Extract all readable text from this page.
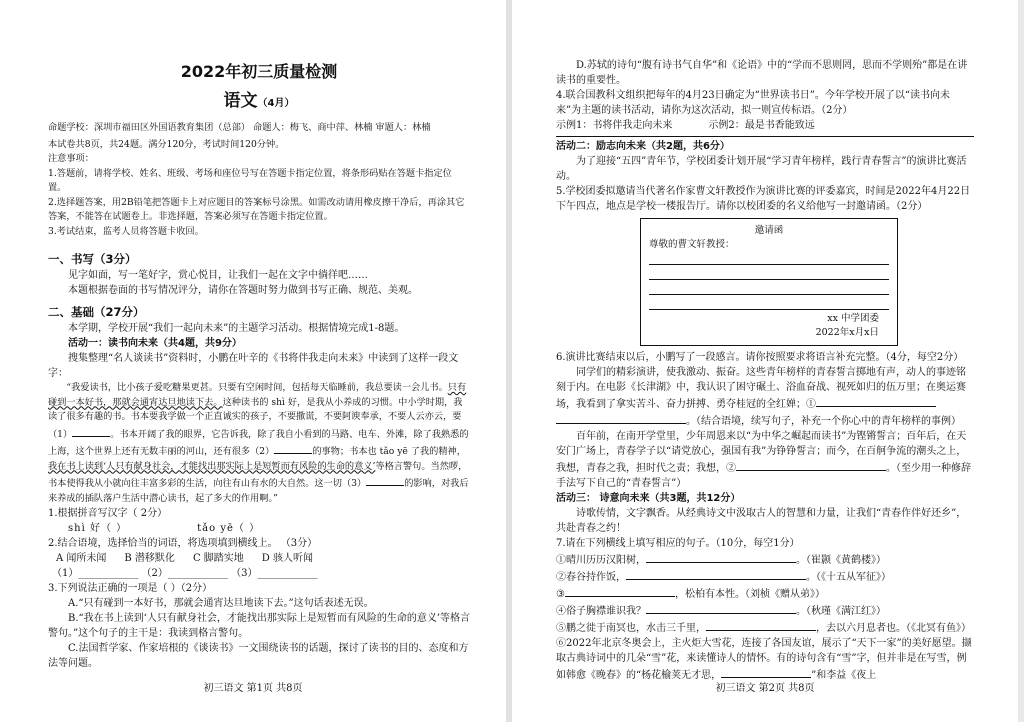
2022年初三质量检测
语文（4月）

命题学校：深圳市福田区外国语教育集团（总部） 命题人：梅飞、商中萍、林楠 审题人：林楠

本试卷共8页，共24题。满分120分，考试时间120分钟。

注意事项：

1.答题前，请将学校、姓名、班级、考场和座位号写在答题卡指定位置，将条形码贴在答题卡指定位置。

2.选择题答案，用2B铅笔把答题卡上对应题目的答案标号涂黑。如需改动请用橡皮擦干净后，再涂其它答案，不能答在试题卷上。非选择题，答案必须写在答题卡指定位置。

3.考试结束，监考人员将答题卡收回。

一、书写（3分）

见字如面，写一笔好字，赏心悦目，让我们一起在文字中徜徉吧……

本题根据卷面的书写情况评分，请你在答题时努力做到书写正确、规范、美观。

二、基础（27分）

本学期，学校开展“我们一起向未来”的主题学习活动。根据情境完成1-8题。

活动一：读书向未来（共4题，共9分）

搜集整理“名人谈读书”资料时，小鹏在叶辛的《书将伴我走向未来》中读到了这样一段文字：

“我爱读书，比小孩子爱吃糖果更甚。只要有空闲时间，包括每天临睡前，我总要读一会儿书。只有碰到一本好书，那就会通宵达旦地读下去。这种读书的 shì 好，是我从小养成的习惯。中小学时期，我读了很多有趣的书。书本要我学做一个正直诚实的孩子，不要撒谎，不要阿谀奉承，不要人云亦云，要（1）	。书本开阔了我的眼界，它告诉我，除了我自小看到的马路、电车、外滩，除了我熟悉的上海，这个世界上还有无数丰丽的河山，还有很多（2）	的事物；书本也 tǎo yē 了我的精神，我在书上读到‘人只有献身社会，才能找出那实际上是短暂而有风险的生命的意义’等格言警句。当然啰，书本使得我从小就向往丰富多彩的生活，向往有山有水的大自然。这一切（3）	的影响，对我后来养成的插队落户生活中潜心读书，起了多大的作用啊。”

1.根据拼音写汉字（ 2分）

shì 好（ ）	tǎo yē（ ）

2.结合语境，选择恰当的词语，将选项填到横线上。 （3分）

A 闻所未闻 B 潜移默化 C 脚踏实地 D 骇人听闻

（1）____________ （2）____________ （3）____________

3.下列说法正确的一项是（ ）（2分）

A.“只有碰到一本好书，那就会通宵达旦地读下去。”这句话表述无误。

B.“我在书上读到‘人只有献身社会，才能找出那实际上是短暂而有风险的生命的意义’等格言警句。”这个句子的主干是：我读到格言警句。

C.法国哲学家、作家培根的《谈读书》一文围绕读书的话题，探讨了读书的目的、态度和方法等问题。

初三语文 第1页 共8页

D.苏轼的诗句“腹有诗书气自华”和《论语》中的“学而不思则罔，思而不学则殆”都是在讲读书的重要性。

4.联合国教科文组织把每年的4月23日确定为“世界读书日”。今年学校开展了以“读书向未来”为主题的读书活动，请你为这次活动，拟一则宣传标语。（2分）

示例1：书将伴我走向未来	示例2：最是书香能致远

活动二：励志向未来（共2题，共6分）

为了迎接“五四”青年节，学校团委计划开展“学习青年榜样，践行青春誓言”的演讲比赛活动。

5.学校团委拟邀请当代著名作家曹文轩教授作为演讲比赛的评委嘉宾，时间是2022年4月22日下午四点，地点是学校一楼报告厅。请你以校团委的名义给他写一封邀请函。（2分）

邀请函
尊敬的曹文轩教授：
xx 中学团委
2022年x月x日

6.演讲比赛结束以后，小鹏写了一段感言。请你按照要求将语言补充完整。（4分，每空2分）

同学们的精彩演讲，使我激动、振奋。这些青年榜样的青春誓言掷地有声，动人的事迹铭刻于内。在电影《长津湖》中，我认识了困守碾土、浴血奋战、视死如归的伍万里；在奥运赛场，我看到了拿实苦斗、奋力拼搏、勇夺桂冠的全红婵；①。（结合语境，续写句子，补充一个你心中的青年榜样的事例）

百年前，在南开学堂里，少年周恩来以“为中华之崛起而读书”为铿锵誓言；百年后，在天安门广场上，青春学子以“请党放心，强国有我”为铮铮誓言；而今，在百舸争流的潮头之上，我想，青春之我，担时代之责；我想，②	。（至少用一种修辞手法写下自己的“青春誓言”）

活动三： 诗意向未来（共3题，共12分）

诗歌传情，文字飘香。从经典诗文中汲取古人的智慧和力量，让我们“青春作伴好还乡”，共赴青春之约！

7.请在下列横线上填写相应的句子。（10分，每空1分）

①晴川历历汉阳树，	。（崔颢《黄鹤楼》）

②春谷持作饭，	。（《十五从军征》）

③	，松柏有本性。（刘桢《赠从弟》）

④俗子胸襟谁识我？	。（秋瑾《满江红》）

⑤鹏之徙于南冥也，水击三千里，	，去以六月息者也。（《北冥有鱼》）

⑥2022年北京冬奥会上，主火炬大雪花，连接了各国友谊，展示了“天下一家”的美好愿望。撷取古典诗词中的几朵“雪”花，来读懂诗人的情怀。有的诗句含有“雪”字，但并非是在写雪，例如韩愈《晚春》的“杨花榆荚无才思，	”和李益《夜上

初三语文 第2页 共8页
